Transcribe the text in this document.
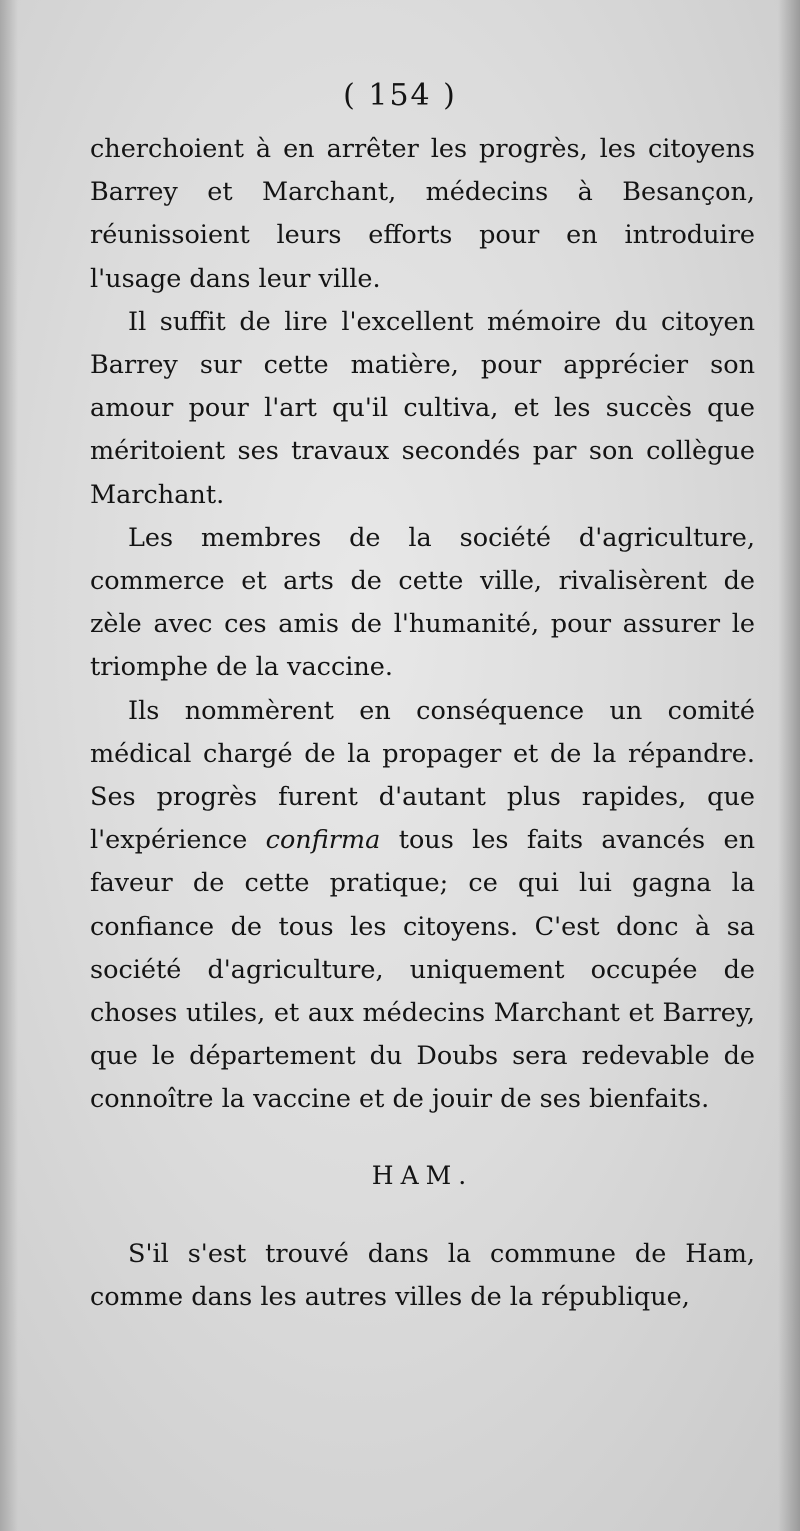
( 154 )

cherchoient à en arrêter les progrès, les citoyens Barrey et Marchant, médecins à Besançon, réunissoient leurs efforts pour en introduire l'usage dans leur ville.

Il suffit de lire l'excellent mémoire du citoyen Barrey sur cette matière, pour apprécier son amour pour l'art qu'il cultiva, et les succès que méritoient ses travaux secondés par son collègue Marchant.

Les membres de la société d'agriculture, commerce et arts de cette ville, rivalisèrent de zèle avec ces amis de l'humanité, pour assurer le triomphe de la vaccine.

Ils nommèrent en conséquence un comité médical chargé de la propager et de la répandre. Ses progrès furent d'autant plus rapides, que l'expérience confirma tous les faits avancés en faveur de cette pratique; ce qui lui gagna la confiance de tous les citoyens. C'est donc à sa société d'agriculture, uniquement occupée de choses utiles, et aux médecins Marchant et Barrey, que le département du Doubs sera redevable de connoître la vaccine et de jouir de ses bienfaits.

HAM.

S'il s'est trouvé dans la commune de Ham, comme dans les autres villes de la république,
